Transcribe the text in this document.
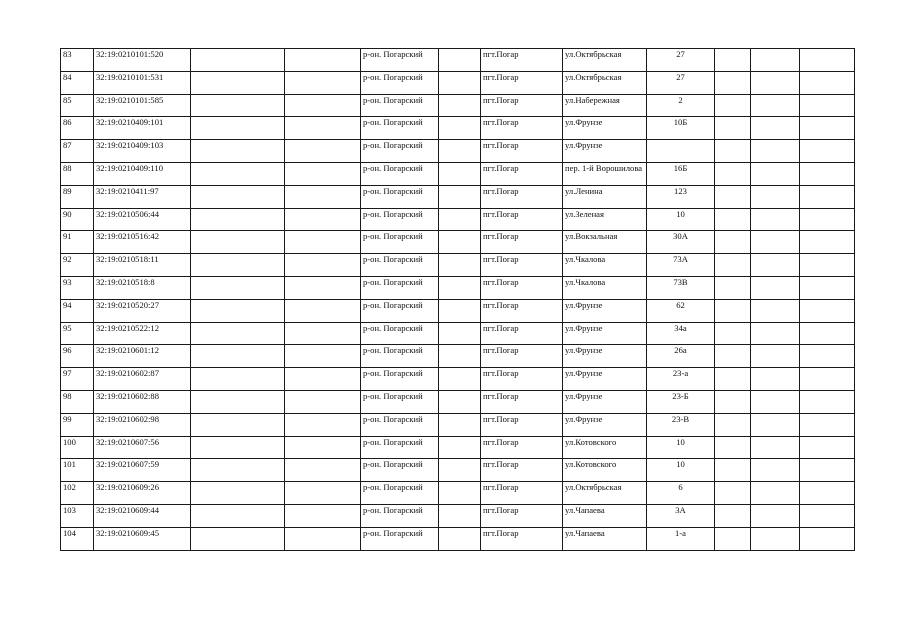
83	32:19:0210101:520			р-он. Погарский		пгт.Погар	ул.Октябрьская	27			
84	32:19:0210101:531			р-он. Погарский		пгт.Погар	ул.Октябрьская	27			
85	32:19:0210101:585			р-он. Погарский		пгт.Погар	ул.Набережная	2			
86	32:19:0210409:101			р-он. Погарский		пгт.Погар	ул.Фрунзе	10Б			
87	32:19:0210409:103			р-он. Погарский		пгт.Погар	ул.Фрунзе				
88	32:19:0210409:110			р-он. Погарский		пгт.Погар	пер. 1-й Ворошилова	16Б			
89	32:19:0210411:97			р-он. Погарский		пгт.Погар	ул.Ленина	123			
90	32:19:0210506:44			р-он. Погарский		пгт.Погар	ул.Зеленая	10			
91	32:19:0210516:42			р-он. Погарский		пгт.Погар	ул.Вокзальная	30А			
92	32:19:0210518:11			р-он. Погарский		пгт.Погар	ул.Чкалова	73А			
93	32:19:0210518:8			р-он. Погарский		пгт.Погар	ул.Чкалова	73В			
94	32:19:0210520:27			р-он. Погарский		пгт.Погар	ул.Фрунзе	62			
95	32:19:0210522:12			р-он. Погарский		пгт.Погар	ул.Фрунзе	34а			
96	32:19:0210601:12			р-он. Погарский		пгт.Погар	ул.Фрунзе	26а			
97	32:19:0210602:87			р-он. Погарский		пгт.Погар	ул.Фрунзе	23-а			
98	32:19:0210602:88			р-он. Погарский		пгт.Погар	ул.Фрунзе	23-Б			
99	32:19:0210602:98			р-он. Погарский		пгт.Погар	ул.Фрунзе	23-В			
100	32:19:0210607:56			р-он. Погарский		пгт.Погар	ул.Котовского	10			
101	32:19:0210607:59			р-он. Погарский		пгт.Погар	ул.Котовского	10			
102	32:19:0210609:26			р-он. Погарский		пгт.Погар	ул.Октябрьская	6			
103	32:19:0210609:44			р-он. Погарский		пгт.Погар	ул.Чапаева	3А			
104	32:19:0210609:45			р-он. Погарский		пгт.Погар	ул.Чапаева	1-а			
